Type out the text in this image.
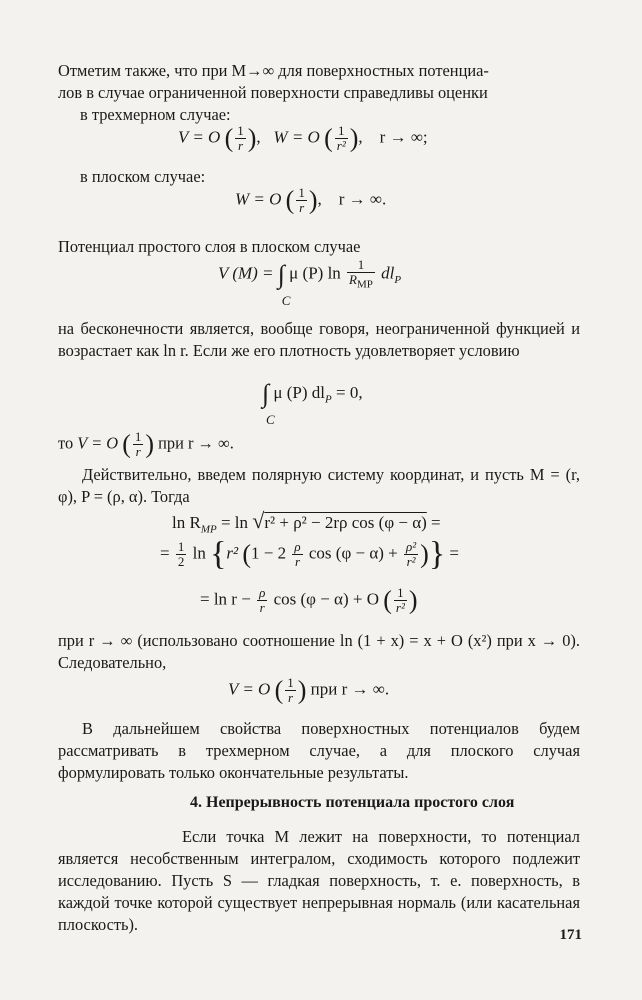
Отметим также, что при M→∞ для поверхностных потенциа-
лов в случае ограниченной поверхности справедливы оценки

в трехмерном случае:
V = O ( $\frac{1}{r}$ ),   W = O ( $\frac{1}{\text{r²}}$ ),    r → ∞;
в плоском случае:
W = O ( $\frac{1}{r}$ ),    r → ∞.

Потенциал простого слоя в плоском случае

V (M) = ∫
C
μ (P) $\ln \frac{1}{R_{MP}} dl_P$

на бесконечности является, вообще говоря, неограниченной функцией и возрастает как ln r. Если же его плотность удовлетворяет условию

∫
C
μ (P) $dl_P = 0$,
то V = O ( $\frac{1}{r}$ ) при r → ∞.

Действительно, введем полярную систему координат, и пусть M = (r, φ), P = (ρ, α). Тогда

$\ln R_{MP} = \ln √r^2 + \rho^2 - 2r\rho$ cos (φ − α) =
= $\frac{1}{2}$ ln {r² ($1 - 2 \frac{\rho}{r}$ $\cos (\varphi - \alpha) + \frac{\text{ρ²}}{\text{r²}}$ )} =
= $\ln r - \frac{\rho}{r}$ cos (φ − α) + O ( $\frac{1}{\text{r²}}$ )

при r → ∞ (использовано соотношение ln (1 + x) = x + O (x²) при x → 0). Следовательно,

V = O ( $\frac{1}{r}$ ) при r → ∞.

В дальнейшем свойства поверхностных потенциалов будем рассматривать в трехмерном случае, а для плоского случая формулировать только окончательные результаты.

4. Непрерывность потенциала простого слоя

Если точка M лежит на поверхности, то потенциал является несобственным интегралом, сходимость которого подлежит исследованию. Пусть S — гладкая поверхность, т. е. поверхность, в каждой точке которой существует непрерывная нормаль (или касательная плоскость).

171
